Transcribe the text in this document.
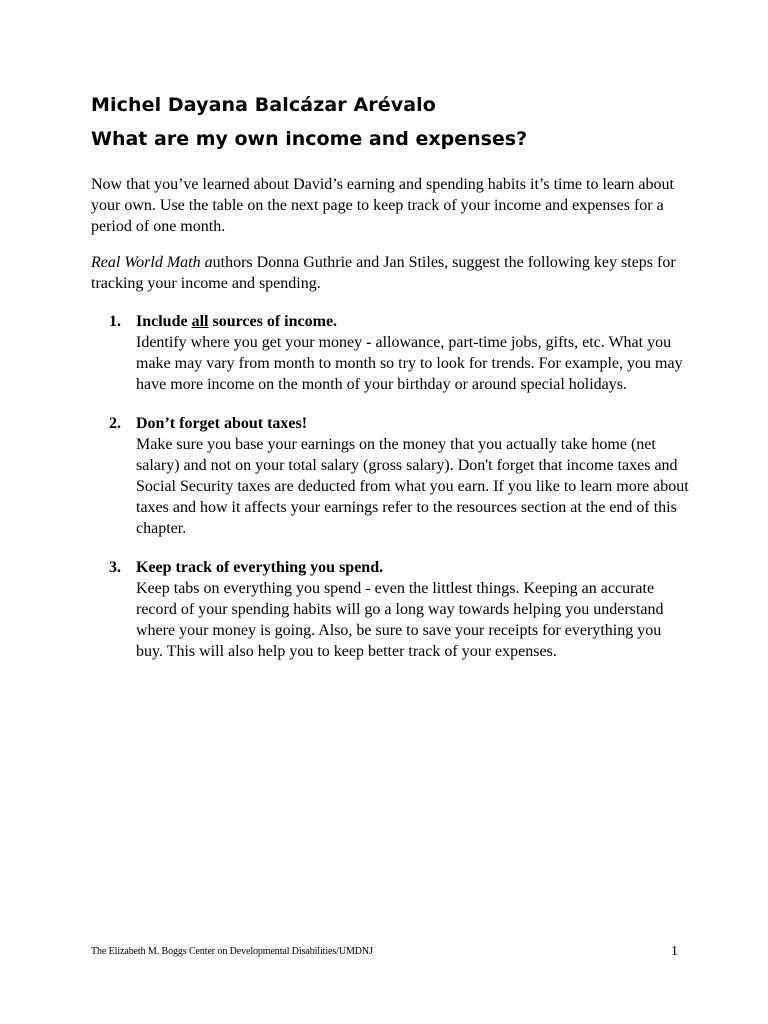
Michel Dayana Balcázar Arévalo
What are my own income and expenses?

Now that you’ve learned about David’s earning and spending habits it’s time to learn about your own. Use the table on the next page to keep track of your income and expenses for a period of one month.

Real World Math authors Donna Guthrie and Jan Stiles, suggest the following key steps for tracking your income and spending.

1. Include all sources of income.
Identify where you get your money - allowance, part-time jobs, gifts, etc. What you make may vary from month to month so try to look for trends. For example, you may have more income on the month of your birthday or around special holidays.
2. Don’t forget about taxes!
Make sure you base your earnings on the money that you actually take home (net salary) and not on your total salary (gross salary). Don't forget that income taxes and Social Security taxes are deducted from what you earn. If you like to learn more about taxes and how it affects your earnings refer to the resources section at the end of this chapter.
3. Keep track of everything you spend.
Keep tabs on everything you spend - even the littlest things. Keeping an accurate record of your spending habits will go a long way towards helping you understand where your money is going. Also, be sure to save your receipts for everything you buy. This will also help you to keep better track of your expenses.
The Elizabeth M. Boggs Center on Developmental Disabilities/UMDNJ	1
